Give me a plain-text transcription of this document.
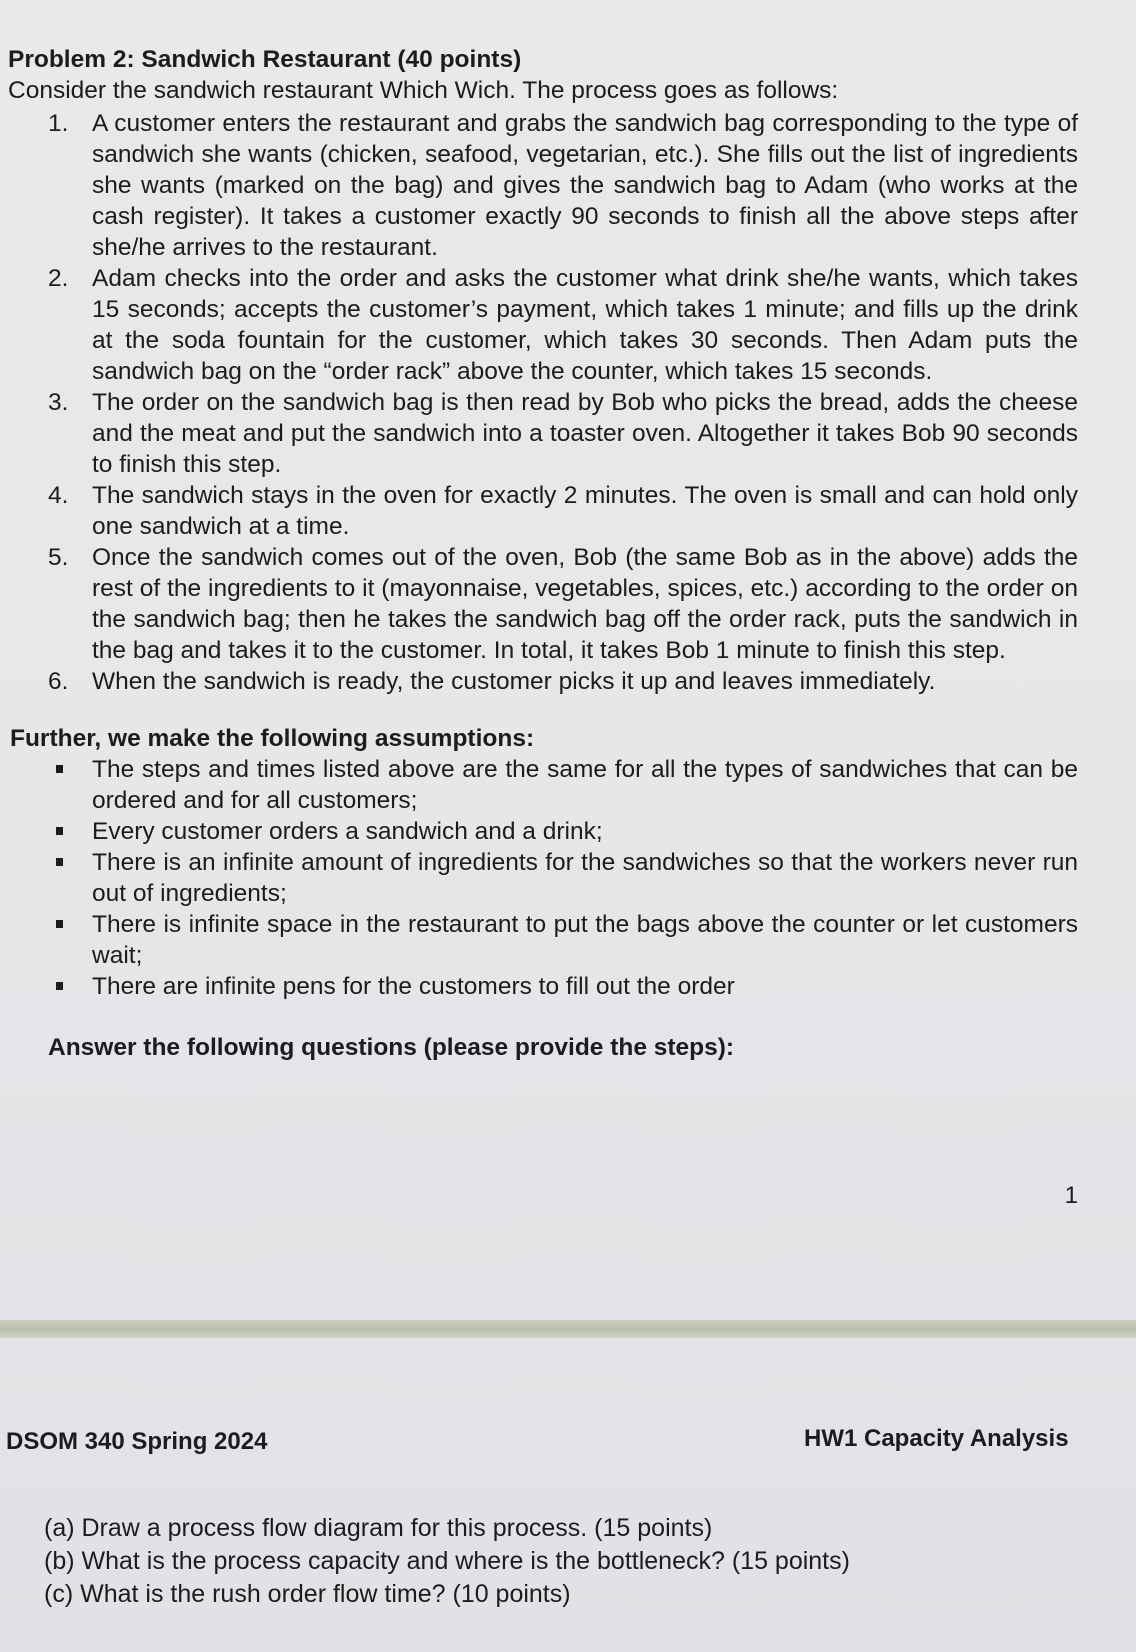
Problem 2: Sandwich Restaurant (40 points)

Consider the sandwich restaurant Which Wich. The process goes as follows:

1. A customer enters the restaurant and grabs the sandwich bag corresponding to the type of sandwich she wants (chicken, seafood, vegetarian, etc.). She fills out the list of ingredients she wants (marked on the bag) and gives the sandwich bag to Adam (who works at the cash register). It takes a customer exactly 90 seconds to finish all the above steps after she/he arrives to the restaurant.
2. Adam checks into the order and asks the customer what drink she/he wants, which takes 15 seconds; accepts the customer’s payment, which takes 1 minute; and fills up the drink at the soda fountain for the customer, which takes 30 seconds. Then Adam puts the sandwich bag on the “order rack” above the counter, which takes 15 seconds.
3. The order on the sandwich bag is then read by Bob who picks the bread, adds the cheese and the meat and put the sandwich into a toaster oven. Altogether it takes Bob 90 seconds to finish this step.
4. The sandwich stays in the oven for exactly 2 minutes. The oven is small and can hold only one sandwich at a time.
5. Once the sandwich comes out of the oven, Bob (the same Bob as in the above) adds the rest of the ingredients to it (mayonnaise, vegetables, spices, etc.) according to the order on the sandwich bag; then he takes the sandwich bag off the order rack, puts the sandwich in the bag and takes it to the customer. In total, it takes Bob 1 minute to finish this step.
6. When the sandwich is ready, the customer picks it up and leaves immediately.

Further, we make the following assumptions:

The steps and times listed above are the same for all the types of sandwiches that can be ordered and for all customers;
Every customer orders a sandwich and a drink;
There is an infinite amount of ingredients for the sandwiches so that the workers never run out of ingredients;
There is infinite space in the restaurant to put the bags above the counter or let customers wait;
There are infinite pens for the customers to fill out the order

Answer the following questions (please provide the steps):

1
DSOM 340 Spring 2024	HW1 Capacity Analysis
(a) Draw a process flow diagram for this process. (15 points)
(b) What is the process capacity and where is the bottleneck? (15 points)
(c) What is the rush order flow time? (10 points)
